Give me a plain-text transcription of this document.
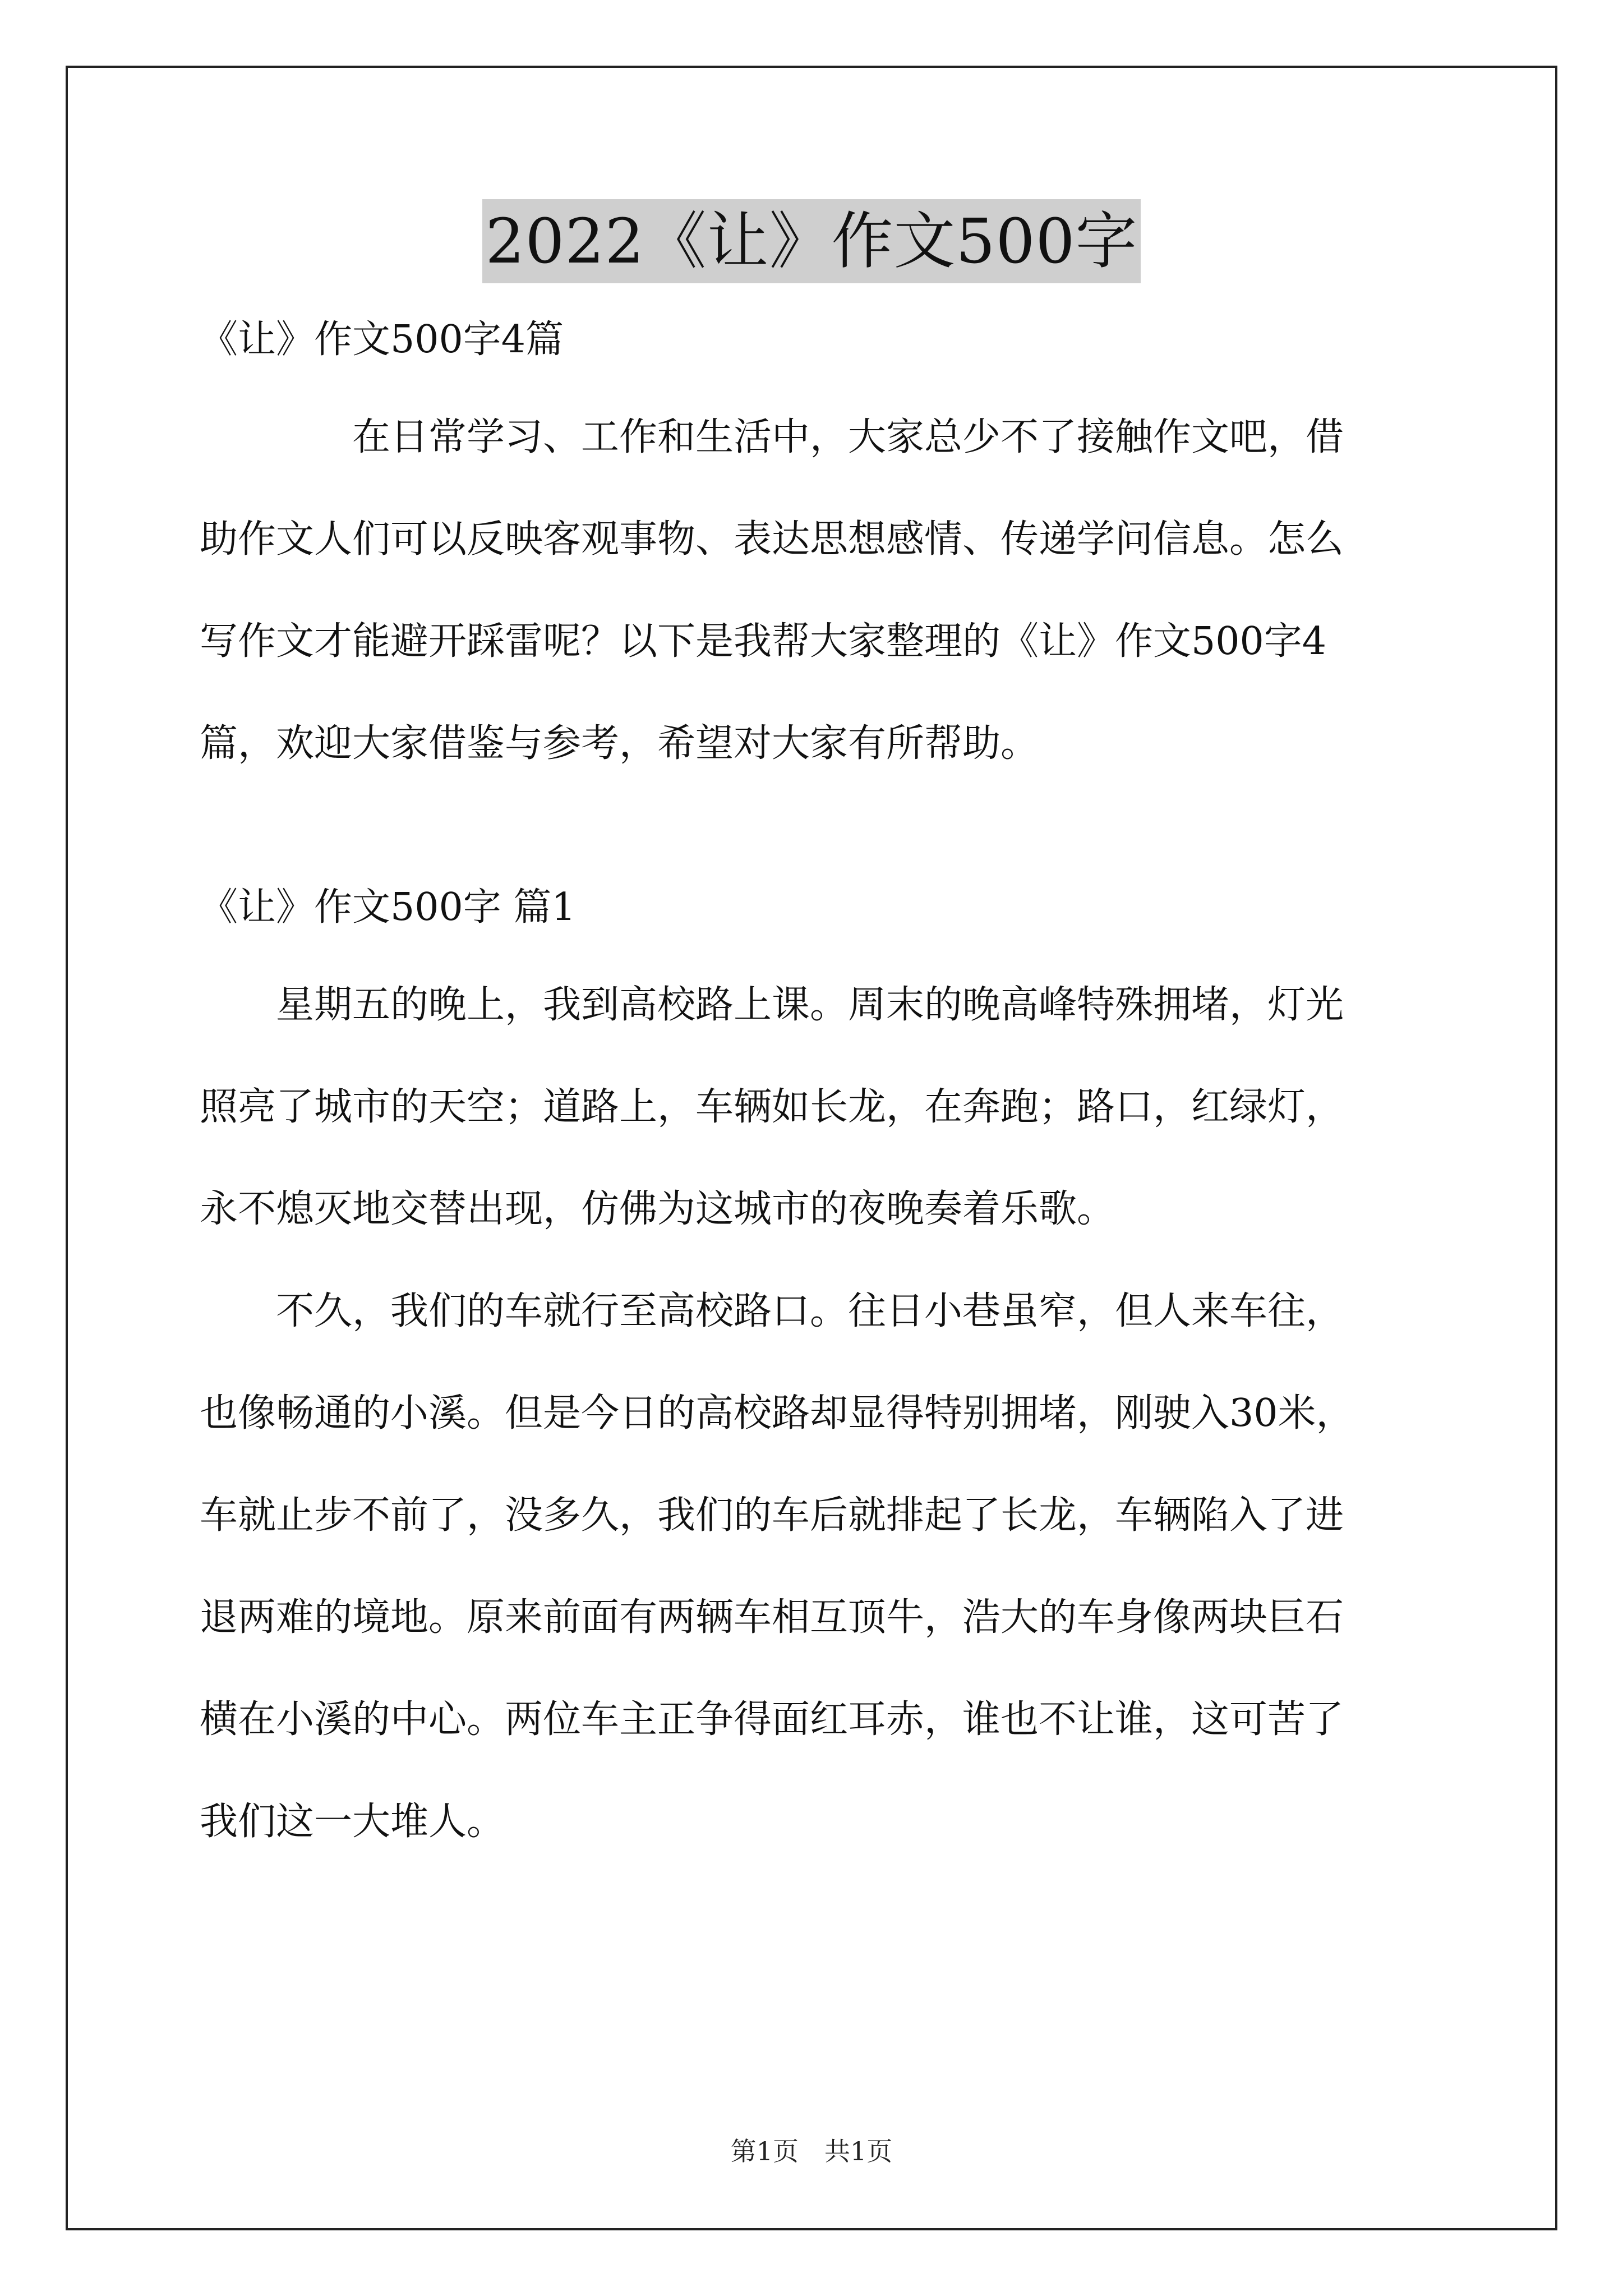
2022《让》作文500字

《让》作文500字4篇

　　　　在日常学习、工作和生活中，大家总少不了接触作文吧，借

助作文人们可以反映客观事物、表达思想感情、传递学问信息。怎么

写作文才能避开踩雷呢？以下是我帮大家整理的《让》作文500字4

篇，欢迎大家借鉴与参考，希望对大家有所帮助。

《让》作文500字 篇1

　　星期五的晚上，我到高校路上课。周末的晚高峰特殊拥堵，灯光

照亮了城市的天空；道路上，车辆如长龙，在奔跑；路口，红绿灯，

永不熄灭地交替出现，仿佛为这城市的夜晚奏着乐歌。

　　不久，我们的车就行至高校路口。往日小巷虽窄，但人来车往，

也像畅通的小溪。但是今日的高校路却显得特别拥堵，刚驶入30米，

车就止步不前了，没多久，我们的车后就排起了长龙，车辆陷入了进

退两难的境地。原来前面有两辆车相互顶牛，浩大的车身像两块巨石

横在小溪的中心。两位车主正争得面红耳赤，谁也不让谁，这可苦了

我们这一大堆人。

第1页　共1页
